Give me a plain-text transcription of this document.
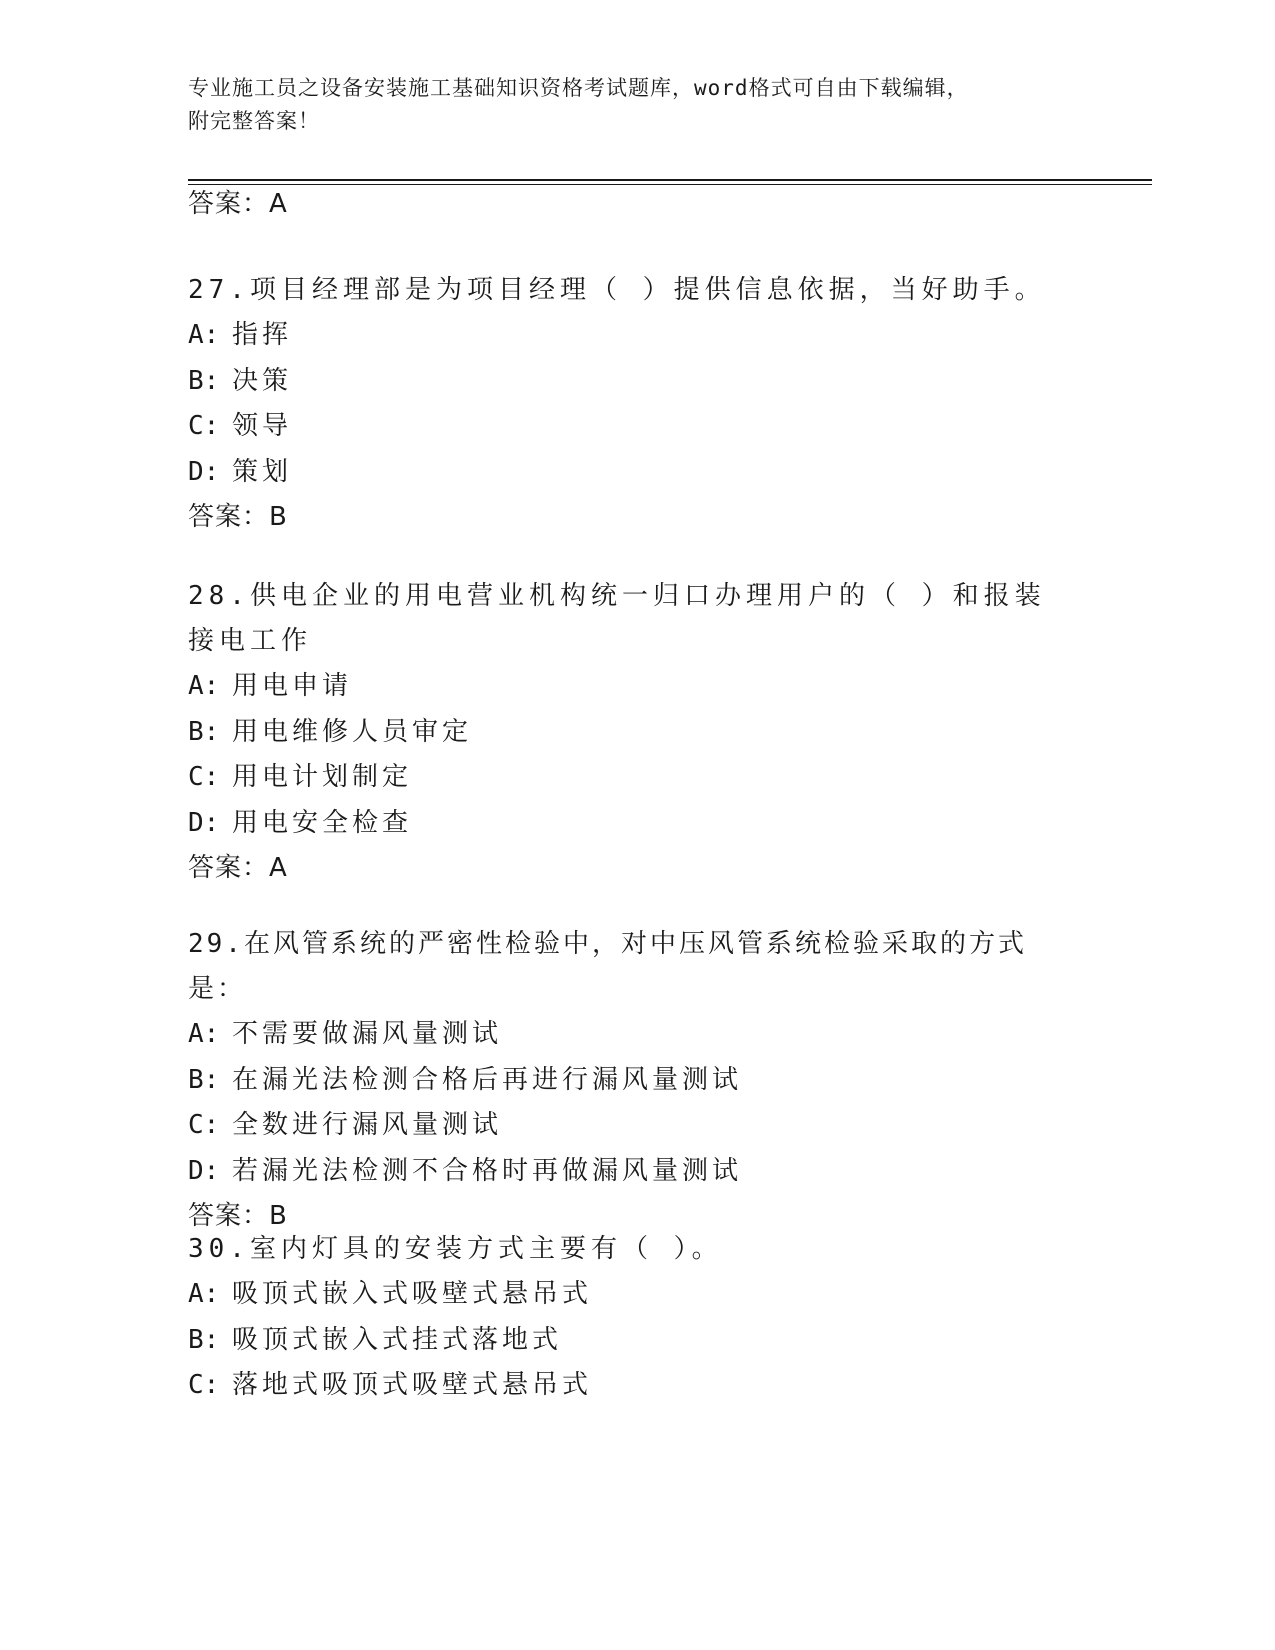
专业施工员之设备安装施工基础知识资格考试题库，word格式可自由下载编辑，
附完整答案！
答案：A
27.项目经理部是为项目经理（ ）提供信息依据，当好助手。
A: 指挥
B: 决策
C: 领导
D: 策划
答案：B
28.供电企业的用电营业机构统一归口办理用户的（ ）和报装接电工作
A: 用电申请
B: 用电维修人员审定
C: 用电计划制定
D: 用电安全检查
答案：A
29.在风管系统的严密性检验中，对中压风管系统检验采取的方式是：
A: 不需要做漏风量测试
B: 在漏光法检测合格后再进行漏风量测试
C: 全数进行漏风量测试
D: 若漏光法检测不合格时再做漏风量测试
答案：B
30.室内灯具的安装方式主要有（ ）。
A: 吸顶式嵌入式吸壁式悬吊式
B: 吸顶式嵌入式挂式落地式
C: 落地式吸顶式吸壁式悬吊式
